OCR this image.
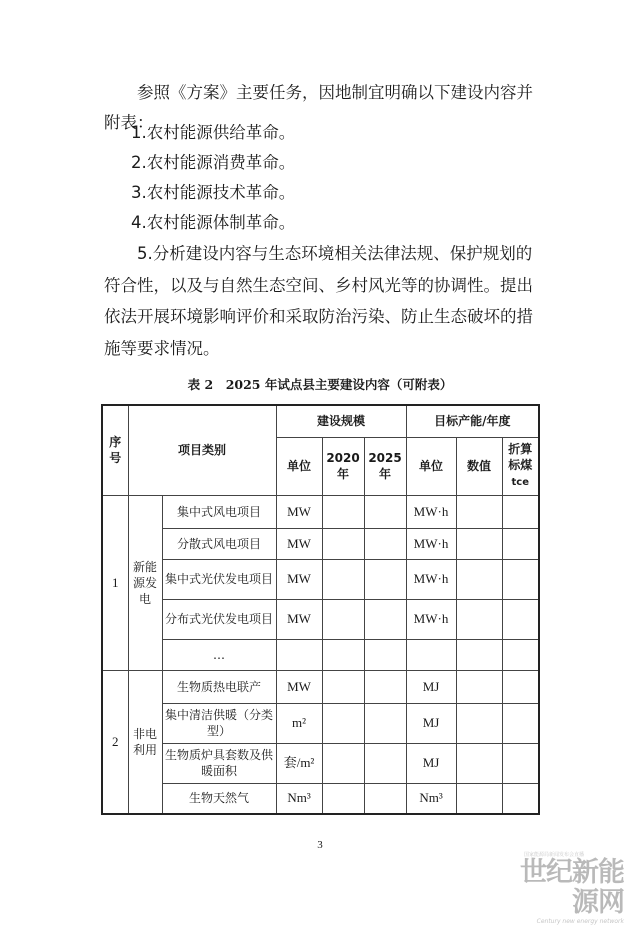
参照《方案》主要任务，因地制宜明确以下建设内容并附表：

1.农村能源供给革命。

2.农村能源消费革命。

3.农村能源技术革命。

4.农村能源体制革命。

5.分析建设内容与生态环境相关法律法规、保护规划的符合性，以及与自然生态空间、乡村风光等的协调性。提出依法开展环境影响评价和采取防治污染、防止生态破坏的措施等要求情况。

表 2　2025 年试点县主要建设内容（可附表）
序号	项目类别		建设规模			目标产能/年度		
			单位	2020年	2025年	单位	数值	折算标煤
tce
1	新能源发电	集中式风电项目	MW			MW·h		
		分散式风电项目	MW			MW·h		
		集中式光伏发电项目	MW			MW·h		
		分布式光伏发电项目	MW			MW·h		
		…						
2	非电利用	生物质热电联产	MW			MJ		
		集中清洁供暖（分类型）	m²			MJ		
		生物质炉具套数及供暖面积	套/m²			MJ		
		生物天然气	Nm³			Nm³		
3
国家能源局新闻发布会直播
世纪新能源网
Century new energy network
